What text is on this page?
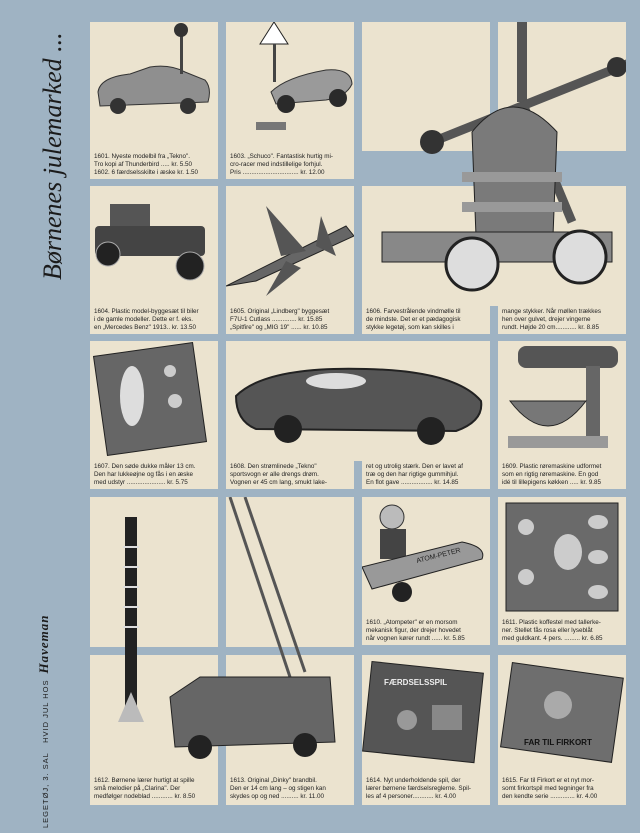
Børnenes julemarked ...
LEGETØJ, 3. SAL   HVID JUL HOSHaveman
1601. Nyeste modelbil fra „Tekno".
Tro kopi af Thunderbird ..... kr. 5.50
1602. 6 færdselsskilte i æske kr. 1.50
1603. „Schuco". Fantastisk hurtig mi-
cro-racer med indstillelige forhjul.
Pris ................................ kr. 12.00
1604. Plastic model-byggesæt til biler
i de gamle modeller. Dette er f. eks.
en „Mercedes Benz" 1913.. kr. 13.50
1605. Original „Lindberg" byggesæt
F7U-1 Cutlass .............. kr. 15.85
„Spitfire" og „MIG 19" ...... kr. 10.85
1606. Farvestrålende vindmølle til
de mindste. Det er et pædagogisk
stykke legetøj, som kan skilles i
mange stykker. Når møllen trækkes
hen over gulvet, drejer vingerne
rundt. Højde 20 cm............ kr. 8.85
1607. Den søde dukke måler 13 cm.
Den har lukkeøjne og fås i en æske
med udstyr ...................... kr. 5.75
1608. Den strømlinede „Tekno"
sportsvogn er alle drengs drøm.
Vognen er 45 cm lang, smukt lake-
ret og utrolig stærk. Den er lavet af
træ og den har rigtige gummihjul.
En flot gave .................. kr. 14.85
1609. Plastic røremaskine udformet
som en rigtig røremaskine. En god
idé til lillepigens køkken ..... kr. 9.85
ATOM-PETER
1610. „Atompeter" er en morsom
mekanisk figur, der drejer hovedet
når vognen kører rundt ...... kr. 5.85
1611. Plastic koffestel med tallerke-
ner. Stellet fås rosa eller lyseblåt
med guldkant. 4 pers. ......... kr. 6.85
FÆRDSELSSPIL
FAR TIL FIRKORT
1612. Børnene lærer hurtigt at spille
små melodier på „Clarina". Der
medfølger nodeblad ............ kr. 8.50
1613. Original „Dinky" brandbil.
Den er 14 cm lang – og stigen kan
skydes op og ned .......... kr. 11.00
1614. Nyt underholdende spil, der
lærer børnene færdselsreglerne. Spil-
les af 4 personer............ kr. 4.00
1615. Far til Firkort er et nyt mor-
somt firkortspil med tegninger fra
den kendte serie .............. kr. 4.00
